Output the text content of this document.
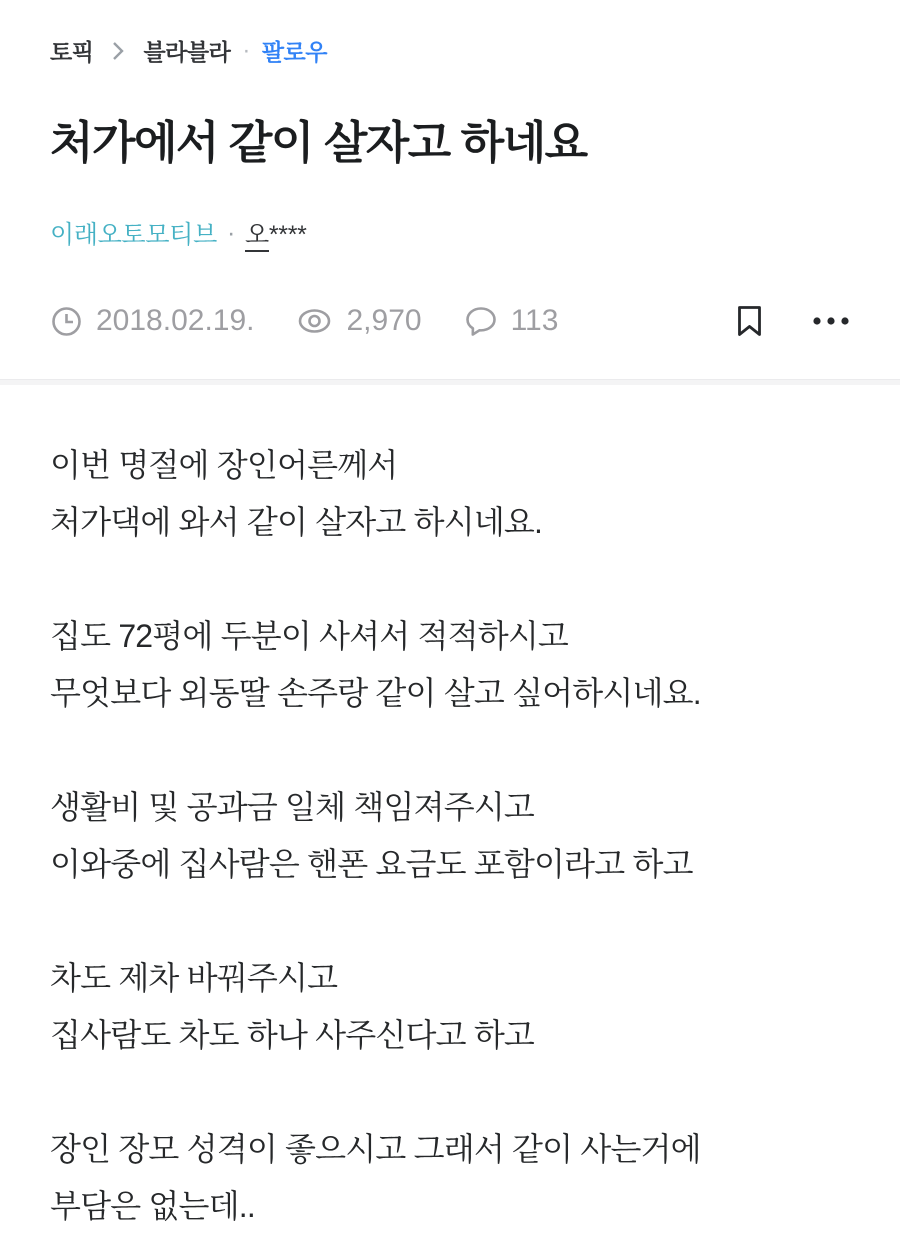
토픽 블라블라 · 팔로우
처가에서 같이 살자고 하네요
이래오토모티브 · 오****
2018.02.19.	2,970	113
이번 명절에 장인어른께서
처가댁에 와서 같이 살자고 하시네요.
집도 72평에 두분이 사셔서 적적하시고
무엇보다 외동딸 손주랑 같이 살고 싶어하시네요.
생활비 및 공과금 일체 책임져주시고
이와중에 집사람은 핸폰 요금도 포함이라고 하고
차도 제차 바꿔주시고
집사람도 차도 하나 사주신다고 하고
장인 장모 성격이 좋으시고 그래서 같이 사는거에
부담은 없는데..
